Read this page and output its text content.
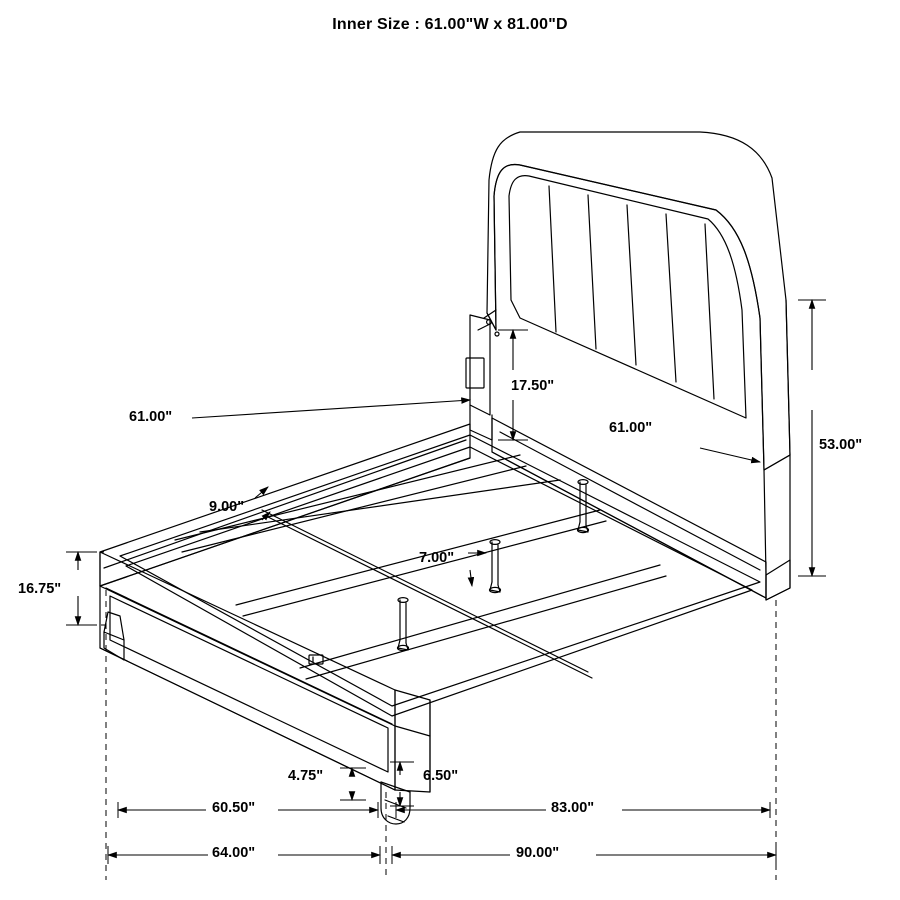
Inner Size : 61.00"W x 81.00"D
61.00"
17.50"
61.00"
53.00"
9.00"
7.00"
16.75"
4.75"	6.50"
60.50"	83.00"
64.00"	90.00"
